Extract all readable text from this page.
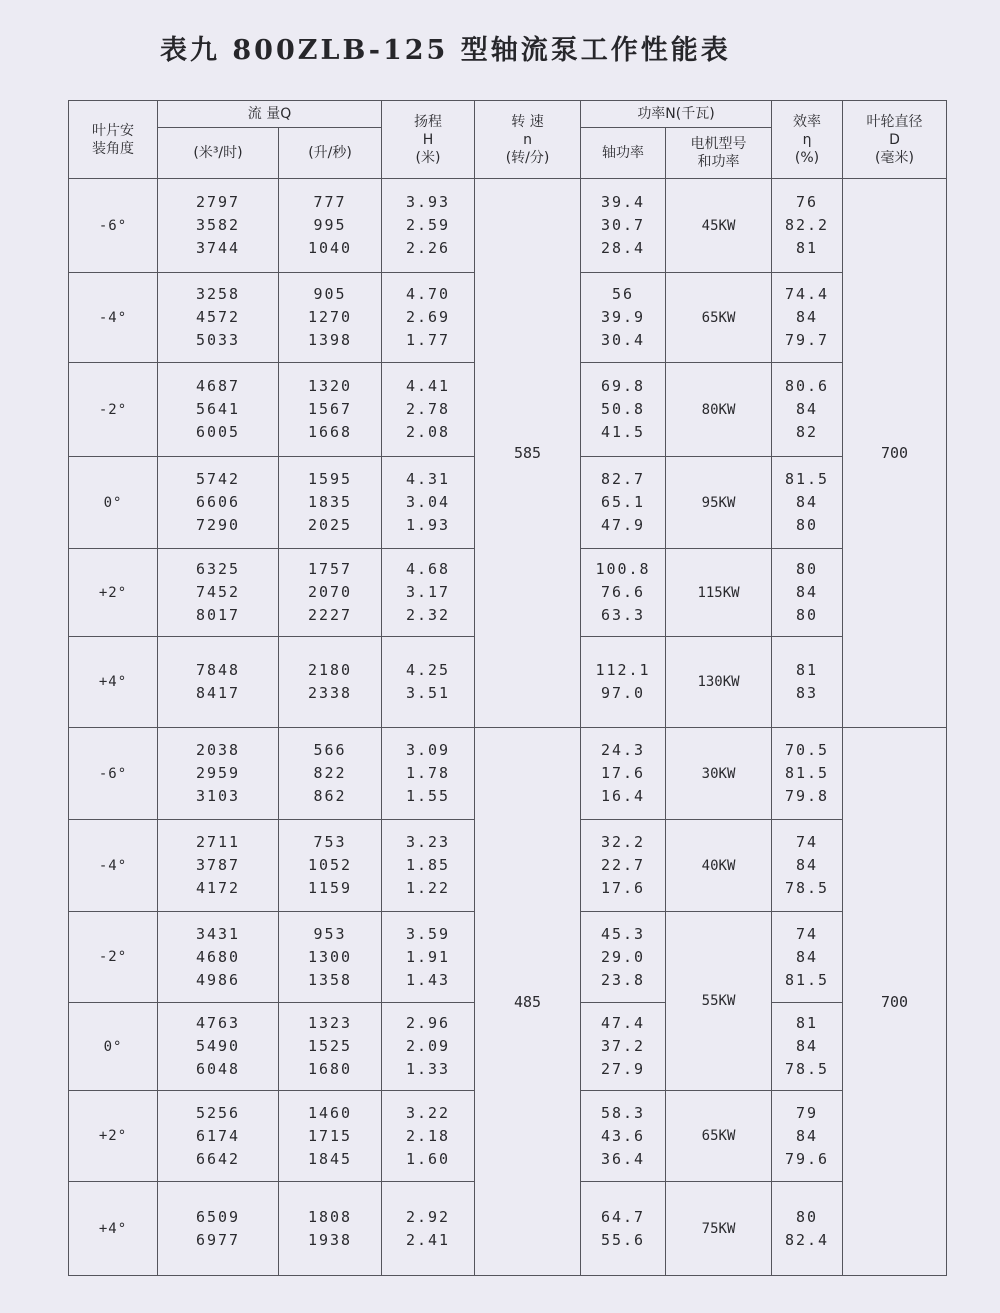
表九 800ZLB-125 型轴流泵工作性能表
叶片安
装角度	流 量Q		扬程
H
(米)	转 速
n
(转/分)	功率N(千瓦)		效率
η
(%)	叶轮直径
D
(毫米)
	(米³/时)	(升/秒)			轴功率	电机型号
和功率		
-6°	2797
3582
3744	777
995
1040	3.93
2.59
2.26	585	39.4
30.7
28.4	45KW	76
82.2
81	700
-4°	3258
4572
5033	905
1270
1398	4.70
2.69
1.77		56
39.9
30.4	65KW	74.4
84
79.7	

-2°	4687
5641
6005	1320
1567
1668	4.41
2.78
2.08		69.8
50.8
41.5	80KW	80.6
84
82	

0°	5742
6606
7290	1595
1835
2025	4.31
3.04
1.93		82.7
65.1
47.9	95KW	81.5
84
80	

+2°	6325
7452
8017	1757
2070
2227	4.68
3.17
2.32		100.8
76.6
63.3	115KW	80
84
80	

+4°	7848
8417	2180
2338	4.25
3.51		112.1
97.0	130KW	81
83	

-6°	2038
2959
3103	566
822
862	3.09
1.78
1.55	485	24.3
17.6
16.4	30KW	70.5
81.5
79.8	700
-4°	2711
3787
4172	753
1052
1159	3.23
1.85
1.22		32.2
22.7
17.6	40KW	74
84
78.5	

-2°	3431
4680
4986	953
1300
1358	3.59
1.91
1.43		45.3
29.0
23.8	55KW	74
84
81.5	

0°	4763
5490
6048	1323
1525
1680	2.96
2.09
1.33		47.4
37.2
27.9		81
84
78.5	

+2°	5256
6174
6642	1460
1715
1845	3.22
2.18
1.60		58.3
43.6
36.4	65KW	79
84
79.6	

+4°	6509
6977	1808
1938	2.92
2.41		64.7
55.6	75KW	80
82.4	
